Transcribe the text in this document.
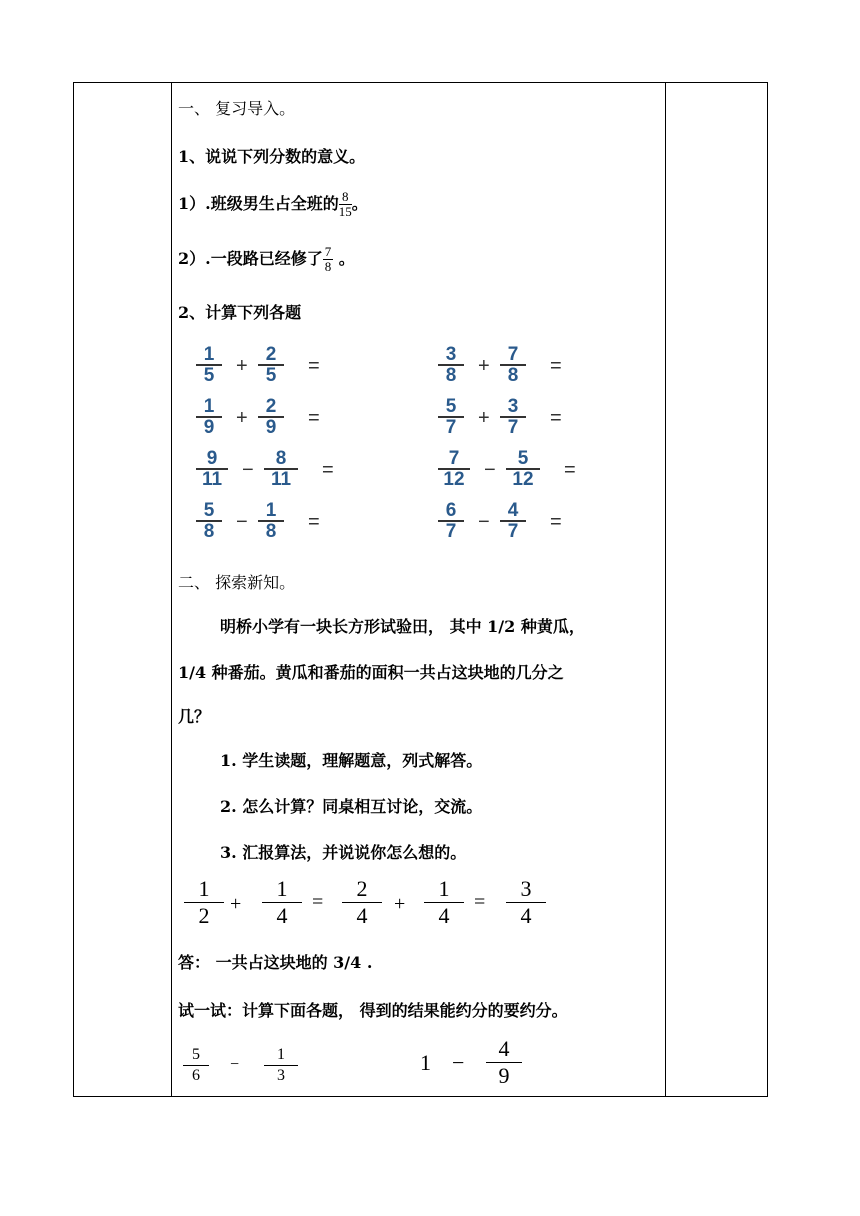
一、 复习导入。
1、说说下列分数的意义。
1）.班级男生占全班的 $\frac{8}{15}$ 。
2）.一段路已经修了 $\frac{7}{8}$ 。
2、计算下列各题
1
5 +
2
5 =
3
8 +
7
8 =
1
9 +
2
9 =
5
7 +
3
7 =
9
11 −
8
11 =
7
12 −
5
12 =
5
8 −
1
8 =
6
7 −
4
7 =
二、 探索新知。
明桥小学有一块长方形试验田， 其中 1/2 种黄瓜，
1/4 种番茄。黄瓜和番茄的面积一共占这块地的几分之
几？
1. 学生读题，理解题意，列式解答。
2. 怎么计算？同桌相互讨论，交流。
3. 汇报算法，并说说你怎么想的。
答： 一共占这块地的 3/4 .
试一试：计算下面各题， 得到的结果能约分的要约分。
1
2	+
1
4
=
2
4	+
1
4
=
3
4
5
6
−
1
3
1 −
4
9
